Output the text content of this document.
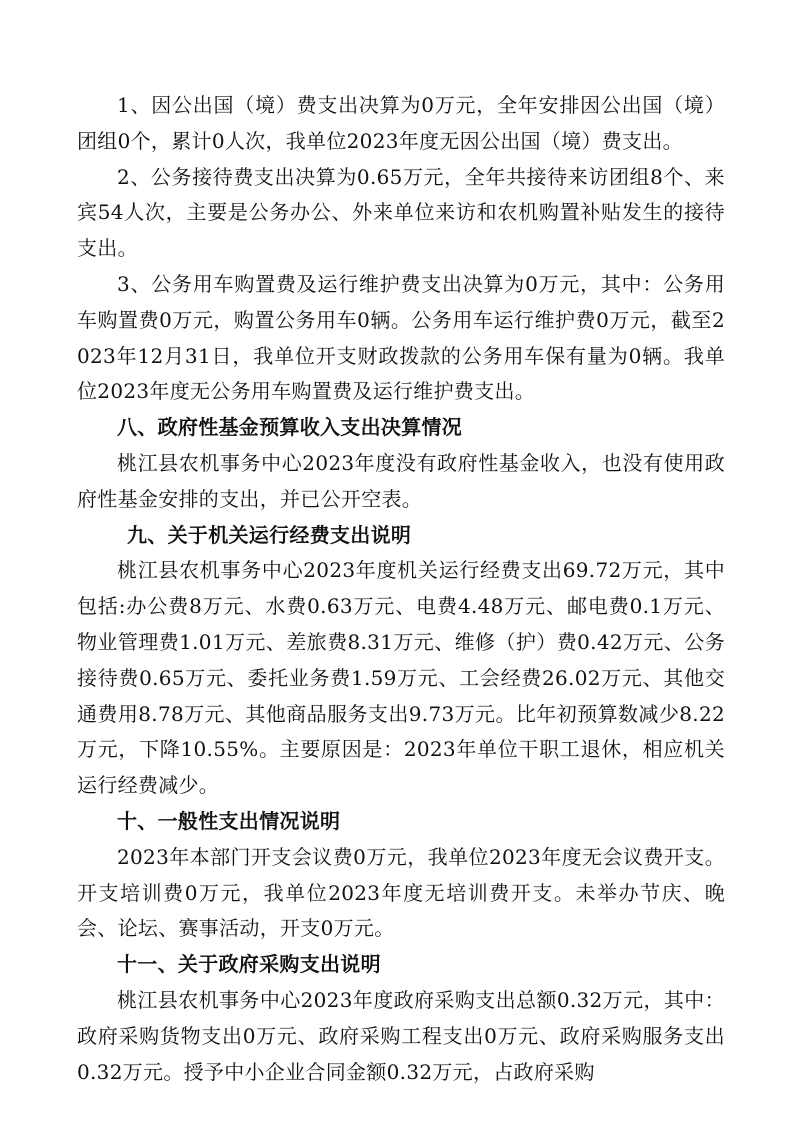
1、因公出国（境）费支出决算为0万元，全年安排因公出国（境）团组0个，累计0人次，我单位2023年度无因公出国（境）费支出。

2、公务接待费支出决算为0.65万元，全年共接待来访团组8个、来宾54人次，主要是公务办公、外来单位来访和农机购置补贴发生的接待支出。

3、公务用车购置费及运行维护费支出决算为0万元，其中：公务用车购置费0万元，购置公务用车0辆。公务用车运行维护费0万元，截至2023年12月31日，我单位开支财政拨款的公务用车保有量为0辆。我单位2023年度无公务用车购置费及运行维护费支出。

八、政府性基金预算收入支出决算情况

桃江县农机事务中心2023年度没有政府性基金收入，也没有使用政府性基金安排的支出，并已公开空表。

九、关于机关运行经费支出说明

桃江县农机事务中心2023年度机关运行经费支出69.72万元，其中包括:办公费8万元、水费0.63万元、电费4.48万元、邮电费0.1万元、物业管理费1.01万元、差旅费8.31万元、维修（护）费0.42万元、公务接待费0.65万元、委托业务费1.59万元、工会经费26.02万元、其他交通费用8.78万元、其他商品服务支出9.73万元。比年初预算数减少8.22万元，下降10.55%。主要原因是：2023年单位干职工退休，相应机关运行经费减少。

十、一般性支出情况说明

2023年本部门开支会议费0万元，我单位2023年度无会议费开支。开支培训费0万元，我单位2023年度无培训费开支。未举办节庆、晚会、论坛、赛事活动，开支0万元。

十一、关于政府采购支出说明

桃江县农机事务中心2023年度政府采购支出总额0.32万元，其中：政府采购货物支出0万元、政府采购工程支出0万元、政府采购服务支出0.32万元。授予中小企业合同金额0.32万元，占政府采购
